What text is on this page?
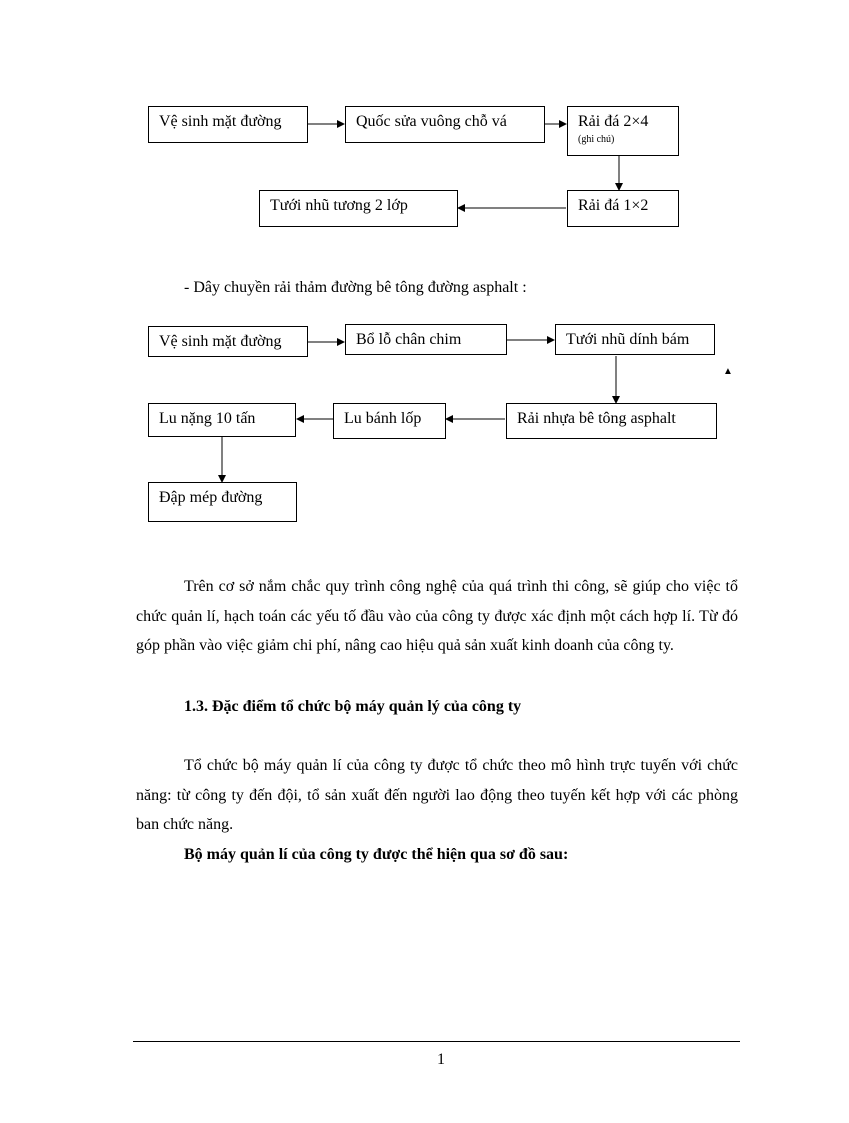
Vệ sinh mặt đường	Quốc sửa vuông chỗ vá	Rải đá 2×4
(ghi chú)
Rải đá 1×2
Tưới nhũ tương 2 lớp
- Dây chuyền rải thảm đường bê tông đường asphalt :
Vệ sinh mặt đường	Bổ lỗ chân chim	Tưới nhũ dính bám
Rải nhựa bê tông asphalt
Lu bánh lốp
Lu nặng 10 tấn
Đập mép đường
▲
Trên cơ sở nắm chắc quy trình công nghệ của quá trình thi công, sẽ giúp cho việc tổ chức quản lí, hạch toán các yếu tố đầu vào của công ty được xác định một cách hợp lí. Từ đó góp phần vào việc giảm chi phí, nâng cao hiệu quả sản xuất kinh doanh của công ty.
1.3. Đặc điểm tổ chức bộ máy quản lý của công ty
Tổ chức bộ máy quản lí của công ty được tổ chức theo mô hình trực tuyến với chức năng: từ công ty đến đội, tổ sản xuất đến người lao động theo tuyến kết hợp với các phòng ban chức năng.
Bộ máy quản lí của công ty được thể hiện qua sơ đồ sau:
1
